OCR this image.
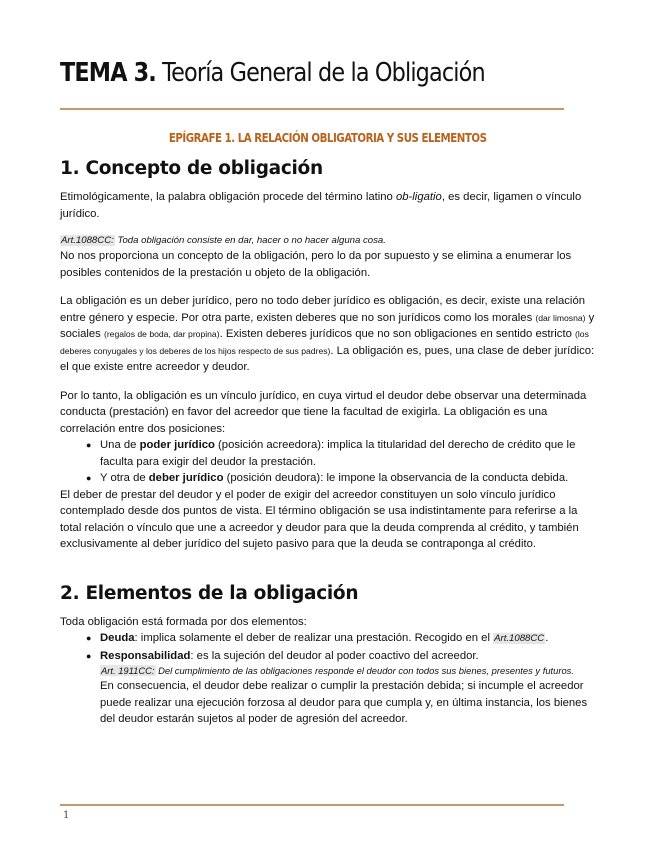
TEMA 3. Teoría General de la Obligación
EPÍGRAFE 1. LA RELACIÓN OBLIGATORIA Y SUS ELEMENTOS
1. Concepto de obligación

Etimológicamente, la palabra obligación procede del término latino ob-ligatio, es decir, ligamen o vínculo jurídico.

Art.1088CC: Toda obligación consiste en dar, hacer o no hacer alguna cosa.

No nos proporciona un concepto de la obligación, pero lo da por supuesto y se elimina a enumerar los posibles contenidos de la prestación u objeto de la obligación.

La obligación es un deber jurídico, pero no todo deber jurídico es obligación, es decir, existe una relación entre género y especie. Por otra parte, existen deberes que no son jurídicos como los morales (dar limosna) y sociales (regalos de boda, dar propina). Existen deberes jurídicos que no son obligaciones en sentido estricto (los deberes conyugales y los deberes de los hijos respecto de sus padres). La obligación es, pues, una clase de deber jurídico: el que existe entre acreedor y deudor.

Por lo tanto, la obligación es un vínculo jurídico, en cuya virtud el deudor debe observar una determinada conducta (prestación) en favor del acreedor que tiene la facultad de exigirla. La obligación es una correlación entre dos posiciones:

● Una de poder jurídico (posición acreedora): implica la titularidad del derecho de crédito que le faculta para exigir del deudor la prestación.
● Y otra de deber jurídico (posición deudora): le impone la observancia de la conducta debida.

El deber de prestar del deudor y el poder de exigir del acreedor constituyen un solo vínculo jurídico contemplado desde dos puntos de vista. El término obligación se usa indistintamente para referirse a la total relación o vínculo que une a acreedor y deudor para que la deuda comprenda al crédito, y también exclusivamente al deber jurídico del sujeto pasivo para que la deuda se contraponga al crédito.

2. Elementos de la obligación

Toda obligación está formada por dos elementos:

● Deuda: implica solamente el deber de realizar una prestación. Recogido en el Art.1088CC.
● Responsabilidad: es la sujeción del deudor al poder coactivo del acreedor.
Art. 1911CC: Del cumplimiento de las obligaciones responde el deudor con todos sus bienes, presentes y futuros.
En consecuencia, el deudor debe realizar o cumplir la prestación debida; si incumple el acreedor puede realizar una ejecución forzosa al deudor para que cumpla y, en última instancia, los bienes del deudor estarán sujetos al poder de agresión del acreedor.
1
